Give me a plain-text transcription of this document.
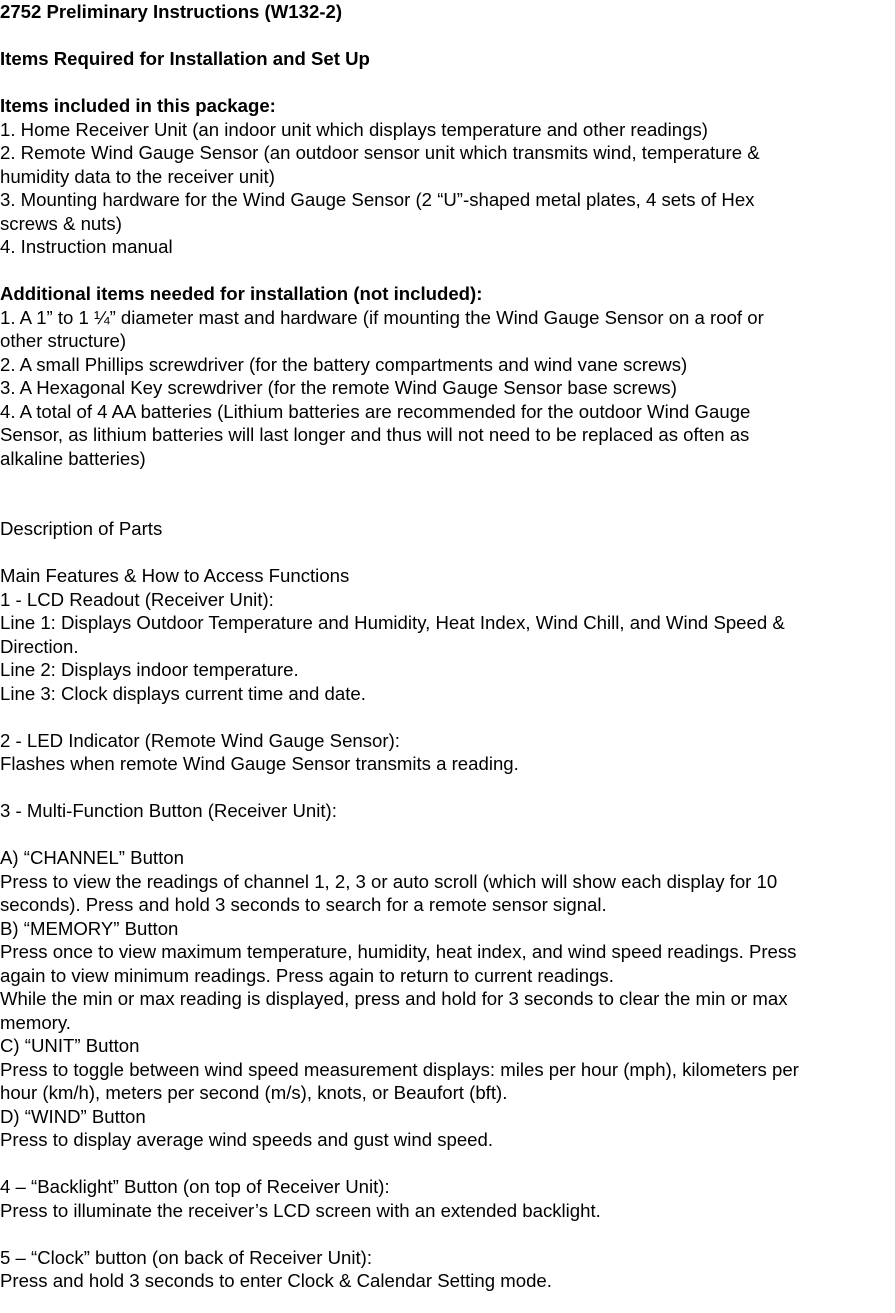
2752 Preliminary Instructions (W132-2)
Items Required for Installation and Set Up
Items included in this package:
1. Home Receiver Unit (an indoor unit which displays temperature and other readings)
2. Remote Wind Gauge Sensor (an outdoor sensor unit which transmits wind, temperature &
humidity data to the receiver unit)
3. Mounting hardware for the Wind Gauge Sensor (2 “U”-shaped metal plates, 4 sets of Hex
screws & nuts)
4. Instruction manual
Additional items needed for installation (not included):
1. A 1” to 1 ¼” diameter mast and hardware (if mounting the Wind Gauge Sensor on a roof or
other structure)
2. A small Phillips screwdriver (for the battery compartments and wind vane screws)
3. A Hexagonal Key screwdriver (for the remote Wind Gauge Sensor base screws)
4. A total of 4 AA batteries (Lithium batteries are recommended for the outdoor Wind Gauge
Sensor, as lithium batteries will last longer and thus will not need to be replaced as often as
alkaline batteries)
Description of Parts
Main Features & How to Access Functions
1 - LCD Readout (Receiver Unit):
Line 1: Displays Outdoor Temperature and Humidity, Heat Index, Wind Chill, and Wind Speed &
Direction.
Line 2: Displays indoor temperature.
Line 3: Clock displays current time and date.
2 - LED Indicator (Remote Wind Gauge Sensor):
Flashes when remote Wind Gauge Sensor transmits a reading.
3 - Multi-Function Button (Receiver Unit):
A) “CHANNEL” Button
Press to view the readings of channel 1, 2, 3 or auto scroll (which will show each display for 10
seconds). Press and hold 3 seconds to search for a remote sensor signal.
B) “MEMORY” Button
Press once to view maximum temperature, humidity, heat index, and wind speed readings. Press
again to view minimum readings. Press again to return to current readings.
While the min or max reading is displayed, press and hold for 3 seconds to clear the min or max
memory.
C) “UNIT” Button
Press to toggle between wind speed measurement displays: miles per hour (mph), kilometers per
hour (km/h), meters per second (m/s), knots, or Beaufort (bft).
D) “WIND” Button
Press to display average wind speeds and gust wind speed.
4 – “Backlight” Button (on top of Receiver Unit):
Press to illuminate the receiver’s LCD screen with an extended backlight.
5 – “Clock” button (on back of Receiver Unit):
Press and hold 3 seconds to enter Clock & Calendar Setting mode.
